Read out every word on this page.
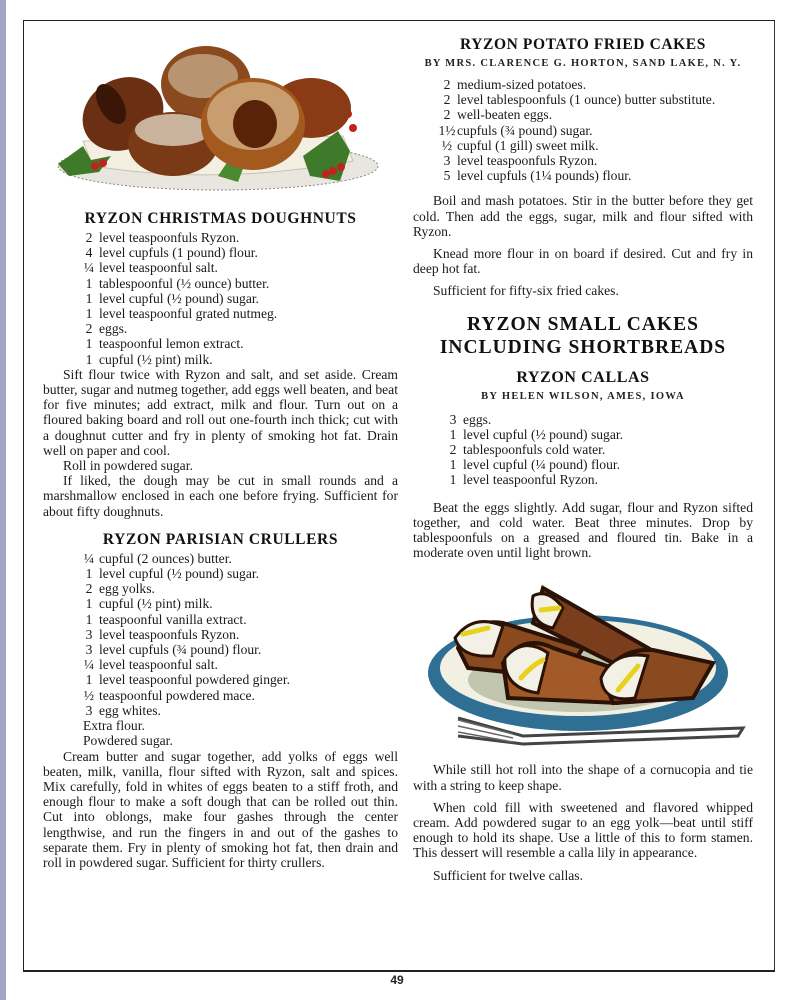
RYZON CHRISTMAS DOUGHNUTS
2 level teaspoonfuls Ryzon.
4 level cupfuls (1 pound) flour.
¼ level teaspoonful salt.
1 tablespoonful (½ ounce) butter.
1 level cupful (½ pound) sugar.
1 level teaspoonful grated nutmeg.
2 eggs.
1 teaspoonful lemon extract.
1 cupful (½ pint) milk.

Sift flour twice with Ryzon and salt, and set aside. Cream butter, sugar and nutmeg together, add eggs well beaten, and beat for five minutes; add extract, milk and flour. Turn out on a floured baking board and roll out one-fourth inch thick; cut with a doughnut cutter and fry in plenty of smoking hot fat. Drain well on paper and cool.

Roll in powdered sugar.

If liked, the dough may be cut in small rounds and a marshmallow enclosed in each one before frying. Sufficient for about fifty doughnuts.

RYZON PARISIAN CRULLERS
¼ cupful (2 ounces) butter.
1 level cupful (½ pound) sugar.
2 egg yolks.
1 cupful (½ pint) milk.
1 teaspoonful vanilla extract.
3 level teaspoonfuls Ryzon.
3 level cupfuls (¾ pound) flour.
¼ level teaspoonful salt.
1 level teaspoonful powdered ginger.
½ teaspoonful powdered mace.
3 egg whites.
Extra flour.
Powdered sugar.

Cream butter and sugar together, add yolks of eggs well beaten, milk, vanilla, flour sifted with Ryzon, salt and spices. Mix carefully, fold in whites of eggs beaten to a stiff froth, and enough flour to make a soft dough that can be rolled out thin. Cut into oblongs, make four gashes through the center lengthwise, and run the fingers in and out of the gashes to separate them. Fry in plenty of smoking hot fat, then drain and roll in powdered sugar. Sufficient for thirty crullers.

RYZON POTATO FRIED CAKES

BY MRS. CLARENCE G. HORTON, SAND LAKE, N. Y.

2 medium-sized potatoes.
2 level tablespoonfuls (1 ounce) butter substitute.
2 well-beaten eggs.
1½ cupfuls (¾ pound) sugar.
½ cupful (1 gill) sweet milk.
3 level teaspoonfuls Ryzon.
5 level cupfuls (1¼ pounds) flour.

Boil and mash potatoes. Stir in the butter before they get cold. Then add the eggs, sugar, milk and flour sifted with Ryzon.

Knead more flour in on board if desired. Cut and fry in deep hot fat.

Sufficient for fifty-six fried cakes.

RYZON SMALL CAKES INCLUDING SHORTBREADS
RYZON CALLAS

BY HELEN WILSON, AMES, IOWA

3 eggs.
1 level cupful (½ pound) sugar.
2 tablespoonfuls cold water.
1 level cupful (¼ pound) flour.
1 level teaspoonful Ryzon.

Beat the eggs slightly. Add sugar, flour and Ryzon sifted together, and cold water. Beat three minutes. Drop by tablespoonfuls on a greased and floured tin. Bake in a moderate oven until light brown.

While still hot roll into the shape of a cornucopia and tie with a string to keep shape.

When cold fill with sweetened and flavored whipped cream. Add powdered sugar to an egg yolk—beat until stiff enough to hold its shape. Use a little of this to form stamen. This dessert will resemble a calla lily in appearance.

Sufficient for twelve callas.

49
